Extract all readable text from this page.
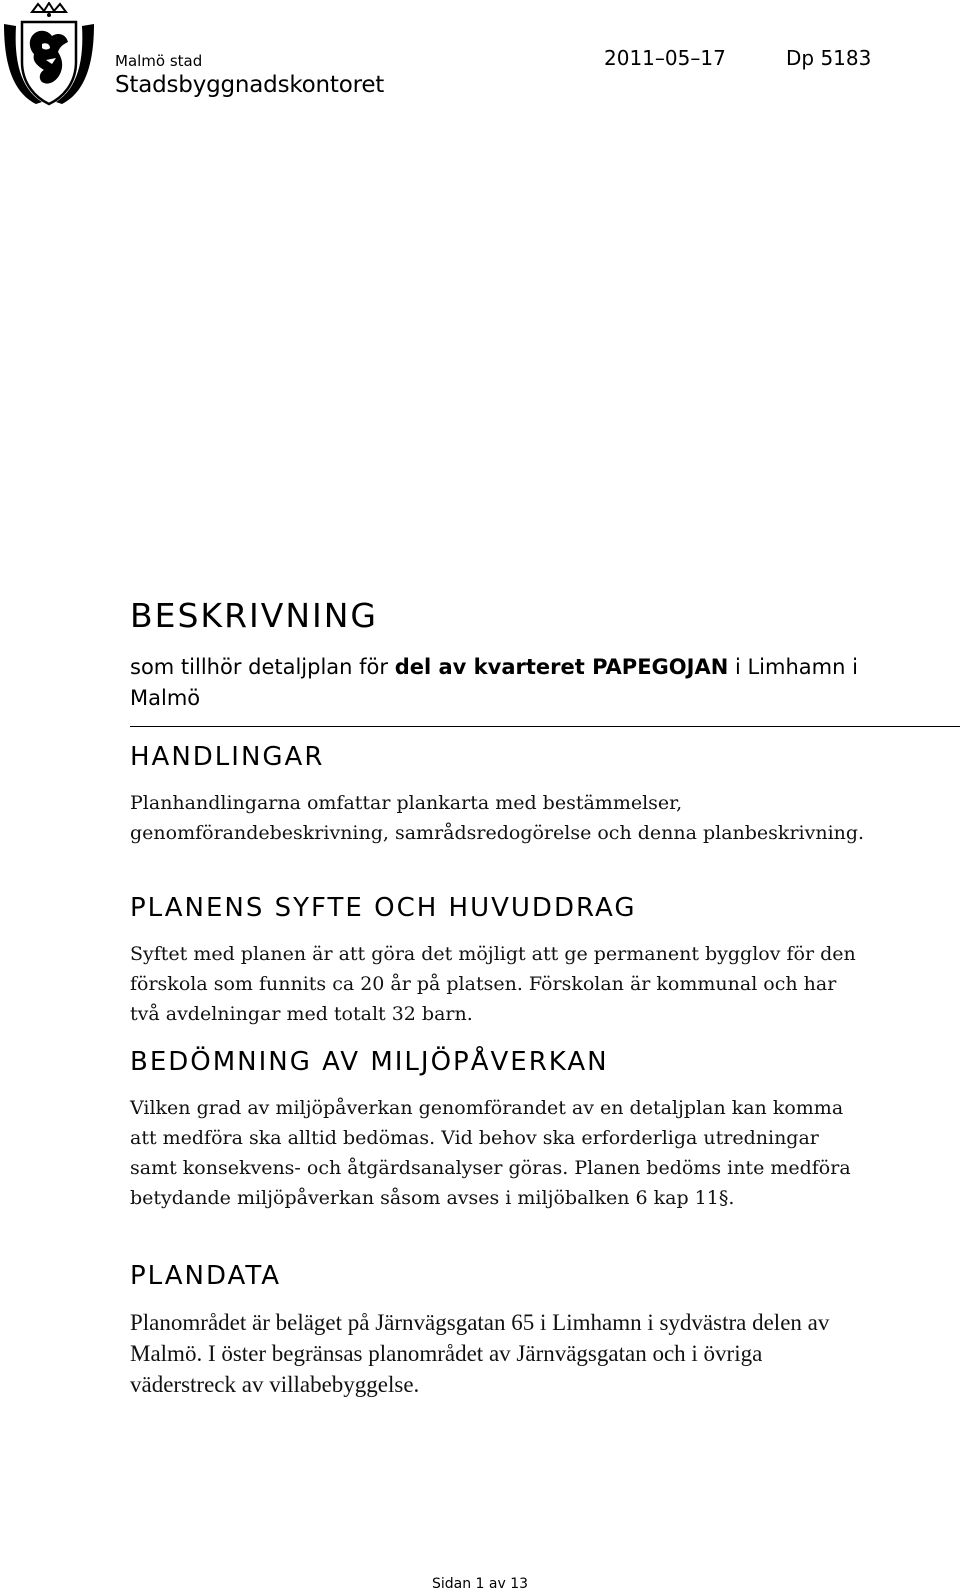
Malmö stad
Stadsbyggnadskontoret
2011–05–17	Dp 5183
BESKRIVNING
som tillhör detaljplan för del av kvarteret PAPEGOJAN i Limhamn i Malmö
HANDLINGAR
Planhandlingarna omfattar plankarta med bestämmelser, genomförandebeskrivning, samrådsredogörelse och denna planbeskrivning.
PLANENS SYFTE OCH HUVUDDRAG
Syftet med planen är att göra det möjligt att ge permanent bygglov för den förskola som funnits ca 20 år på platsen. Förskolan är kommunal och har två avdelningar med totalt 32 barn.
BEDÖMNING AV MILJÖPÅVERKAN
Vilken grad av miljöpåverkan genomförandet av en detaljplan kan komma att medföra ska alltid bedömas. Vid behov ska erforderliga utredningar samt konsekvens- och åtgärdsanalyser göras. Planen bedöms inte medföra betydande miljöpåverkan såsom avses i miljöbalken 6 kap 11§.
PLANDATA
Planområdet är beläget på Järnvägsgatan 65 i Limhamn i sydvästra delen av Malmö. I öster begränsas planområdet av Järnvägsgatan och i övriga väderstreck av villabebyggelse.
Sidan 1 av 13
